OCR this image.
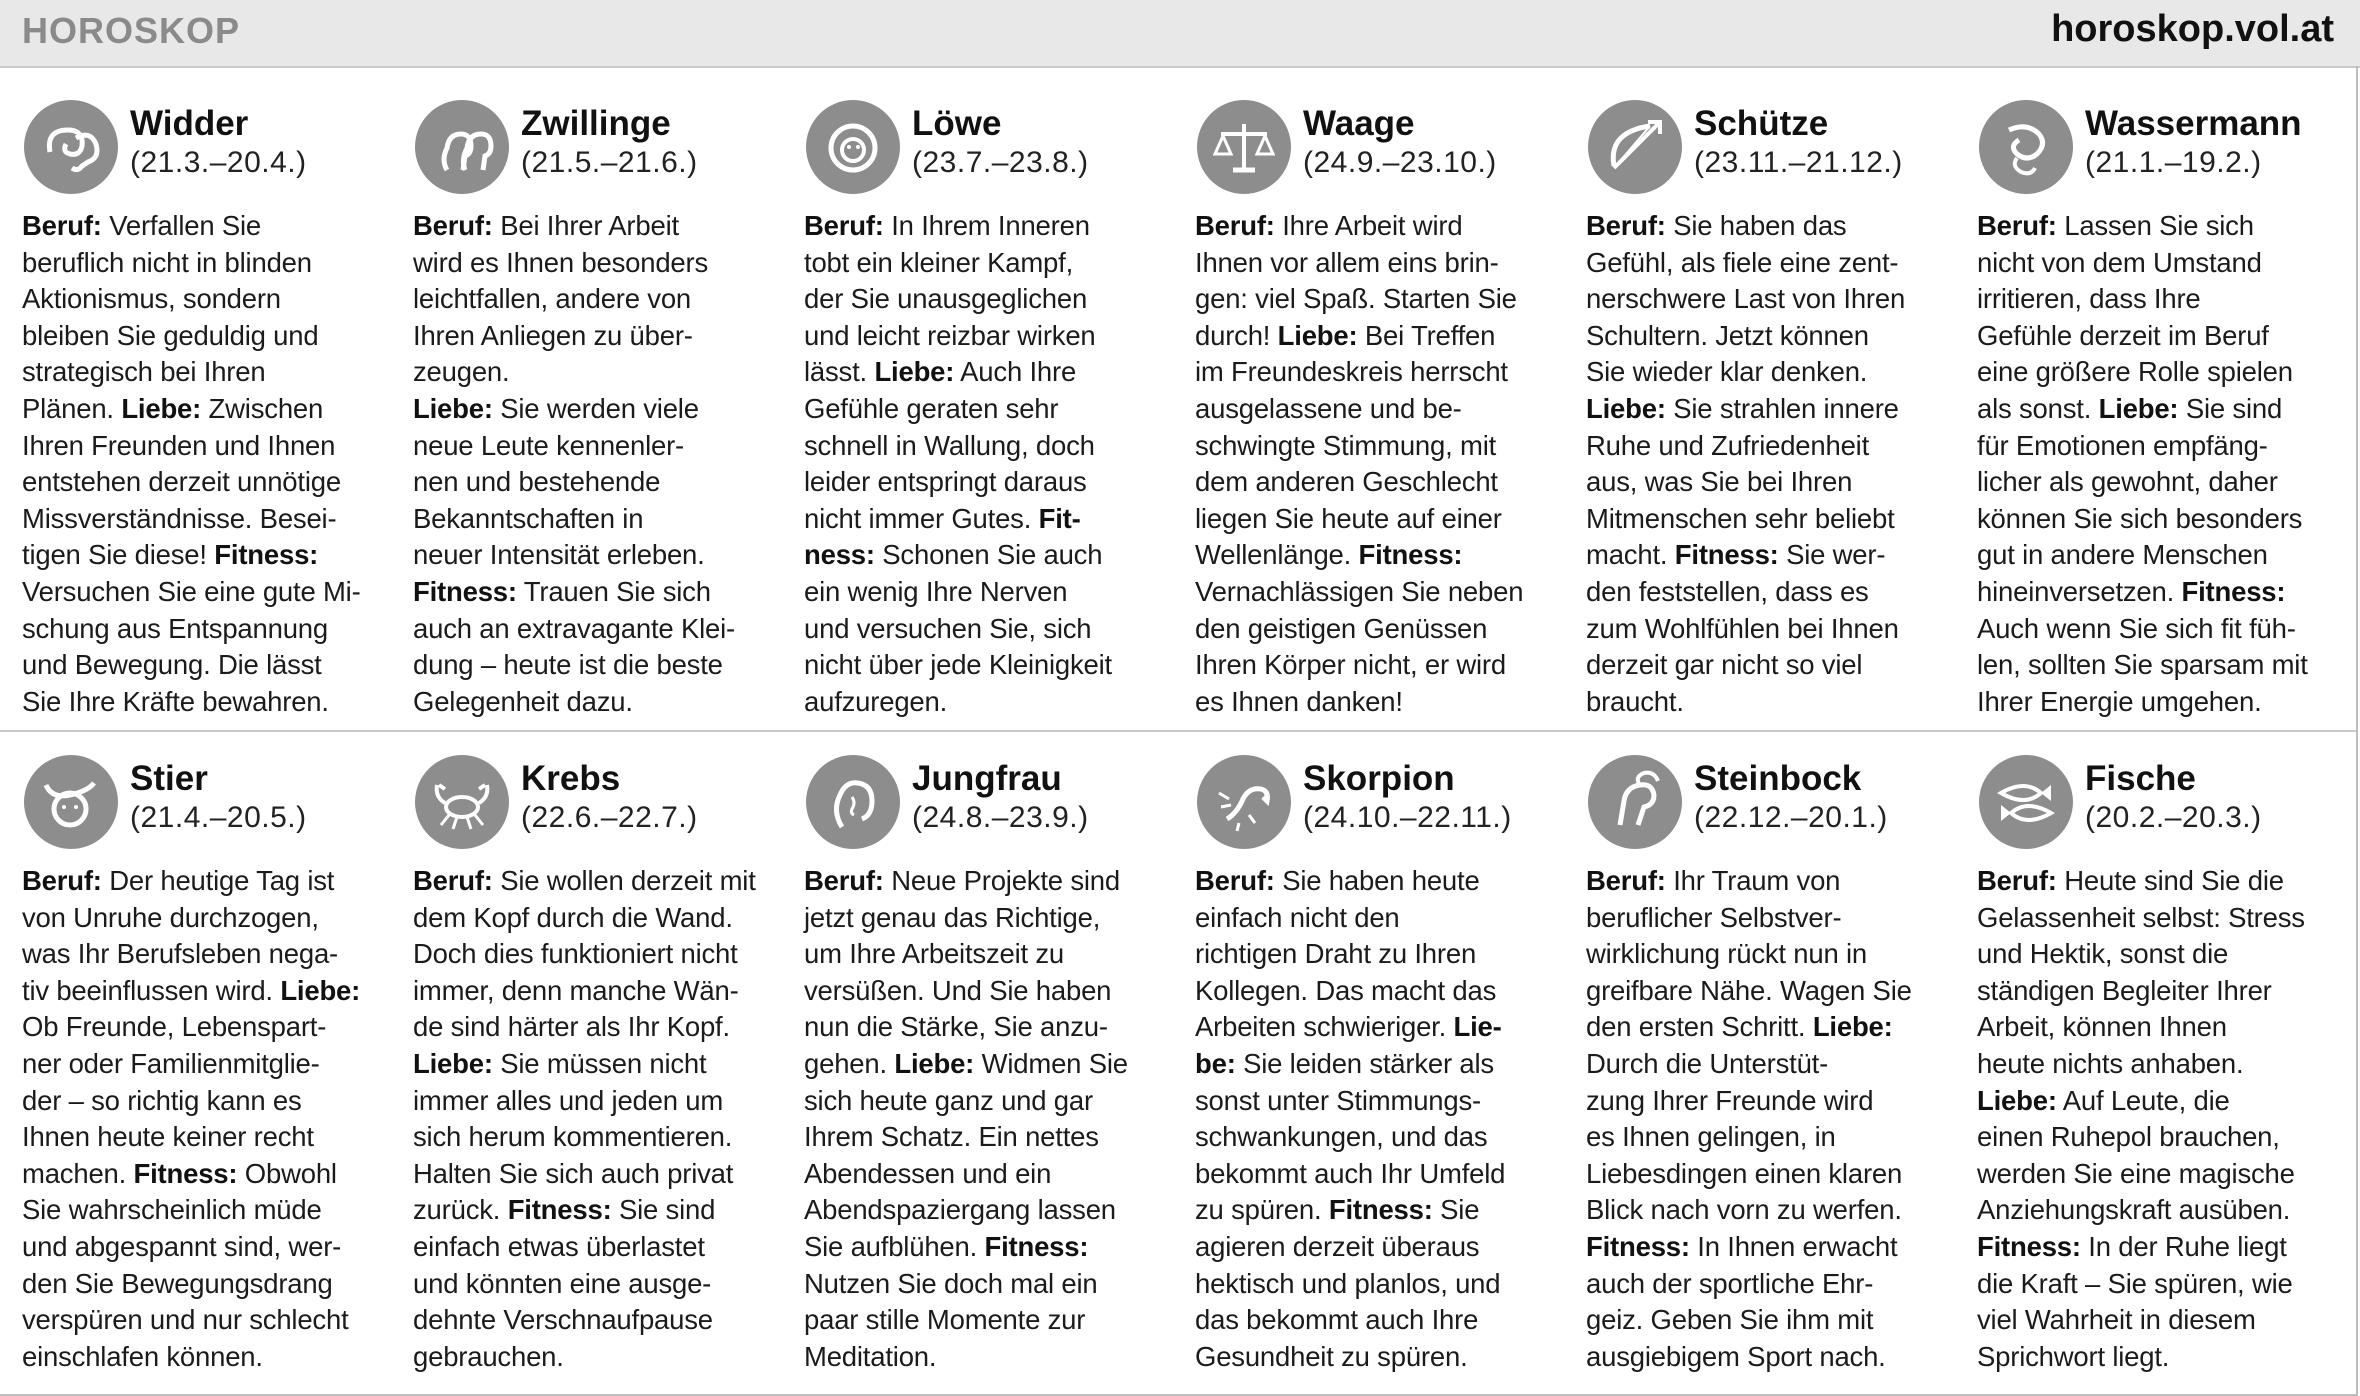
HOROSKOP	horoskop.vol.at
Widder
(21.3.–20.4.)
Beruf: Verfallen Sie
beruflich nicht in blinden
Aktionismus, sondern
bleiben Sie geduldig und
strategisch bei Ihren
Plänen. Liebe: Zwischen
Ihren Freunden und Ihnen
entstehen derzeit unnötige
Missverständnisse. Besei-
tigen Sie diese! Fitness:
Versuchen Sie eine gute Mi-
schung aus Entspannung
und Bewegung. Die lässt
Sie Ihre Kräfte bewahren.
Zwillinge
(21.5.–21.6.)
Beruf: Bei Ihrer Arbeit
wird es Ihnen besonders
leichtfallen, andere von
Ihren Anliegen zu über-
zeugen.
Liebe: Sie werden viele
neue Leute kennenler-
nen und bestehende
Bekanntschaften in
neuer Intensität erleben.
Fitness: Trauen Sie sich
auch an extravagante Klei-
dung – heute ist die beste
Gelegenheit dazu.
Löwe
(23.7.–23.8.)
Beruf: In Ihrem Inneren
tobt ein kleiner Kampf,
der Sie unausgeglichen
und leicht reizbar wirken
lässt. Liebe: Auch Ihre
Gefühle geraten sehr
schnell in Wallung, doch
leider entspringt daraus
nicht immer Gutes. Fit-
ness: Schonen Sie auch
ein wenig Ihre Nerven
und versuchen Sie, sich
nicht über jede Kleinigkeit
aufzuregen.
Waage
(24.9.–23.10.)
Beruf: Ihre Arbeit wird
Ihnen vor allem eins brin-
gen: viel Spaß. Starten Sie
durch! Liebe: Bei Treffen
im Freundeskreis herrscht
ausgelassene und be-
schwingte Stimmung, mit
dem anderen Geschlecht
liegen Sie heute auf einer
Wellenlänge. Fitness:
Vernachlässigen Sie neben
den geistigen Genüssen
Ihren Körper nicht, er wird
es Ihnen danken!
Schütze
(23.11.–21.12.)
Beruf: Sie haben das
Gefühl, als fiele eine zent-
nerschwere Last von Ihren
Schultern. Jetzt können
Sie wieder klar denken.
Liebe: Sie strahlen innere
Ruhe und Zufriedenheit
aus, was Sie bei Ihren
Mitmenschen sehr beliebt
macht. Fitness: Sie wer-
den feststellen, dass es
zum Wohlfühlen bei Ihnen
derzeit gar nicht so viel
braucht.
Wassermann
(21.1.–19.2.)
Beruf: Lassen Sie sich
nicht von dem Umstand
irritieren, dass Ihre
Gefühle derzeit im Beruf
eine größere Rolle spielen
als sonst. Liebe: Sie sind
für Emotionen empfäng-
licher als gewohnt, daher
können Sie sich besonders
gut in andere Menschen
hineinversetzen. Fitness:
Auch wenn Sie sich fit füh-
len, sollten Sie sparsam mit
Ihrer Energie umgehen.
Stier
(21.4.–20.5.)
Beruf: Der heutige Tag ist
von Unruhe durchzogen,
was Ihr Berufsleben nega-
tiv beeinflussen wird. Liebe:
Ob Freunde, Lebenspart-
ner oder Familienmitglie-
der – so richtig kann es
Ihnen heute keiner recht
machen. Fitness: Obwohl
Sie wahrscheinlich müde
und abgespannt sind, wer-
den Sie Bewegungsdrang
verspüren und nur schlecht
einschlafen können.
Krebs
(22.6.–22.7.)
Beruf: Sie wollen derzeit mit
dem Kopf durch die Wand.
Doch dies funktioniert nicht
immer, denn manche Wän-
de sind härter als Ihr Kopf.
Liebe: Sie müssen nicht
immer alles und jeden um
sich herum kommentieren.
Halten Sie sich auch privat
zurück. Fitness: Sie sind
einfach etwas überlastet
und könnten eine ausge-
dehnte Verschnaufpause
gebrauchen.
Jungfrau
(24.8.–23.9.)
Beruf: Neue Projekte sind
jetzt genau das Richtige,
um Ihre Arbeitszeit zu
versüßen. Und Sie haben
nun die Stärke, Sie anzu-
gehen. Liebe: Widmen Sie
sich heute ganz und gar
Ihrem Schatz. Ein nettes
Abendessen und ein
Abendspaziergang lassen
Sie aufblühen. Fitness:
Nutzen Sie doch mal ein
paar stille Momente zur
Meditation.
Skorpion
(24.10.–22.11.)
Beruf: Sie haben heute
einfach nicht den
richtigen Draht zu Ihren
Kollegen. Das macht das
Arbeiten schwieriger. Lie-
be: Sie leiden stärker als
sonst unter Stimmungs-
schwankungen, und das
bekommt auch Ihr Umfeld
zu spüren. Fitness: Sie
agieren derzeit überaus
hektisch und planlos, und
das bekommt auch Ihre
Gesundheit zu spüren.
Steinbock
(22.12.–20.1.)
Beruf: Ihr Traum von
beruflicher Selbstver-
wirklichung rückt nun in
greifbare Nähe. Wagen Sie
den ersten Schritt. Liebe:
Durch die Unterstüt-
zung Ihrer Freunde wird
es Ihnen gelingen, in
Liebesdingen einen klaren
Blick nach vorn zu werfen.
Fitness: In Ihnen erwacht
auch der sportliche Ehr-
geiz. Geben Sie ihm mit
ausgiebigem Sport nach.
Fische
(20.2.–20.3.)
Beruf: Heute sind Sie die
Gelassenheit selbst: Stress
und Hektik, sonst die
ständigen Begleiter Ihrer
Arbeit, können Ihnen
heute nichts anhaben.
Liebe: Auf Leute, die
einen Ruhepol brauchen,
werden Sie eine magische
Anziehungskraft ausüben.
Fitness: In der Ruhe liegt
die Kraft – Sie spüren, wie
viel Wahrheit in diesem
Sprichwort liegt.
